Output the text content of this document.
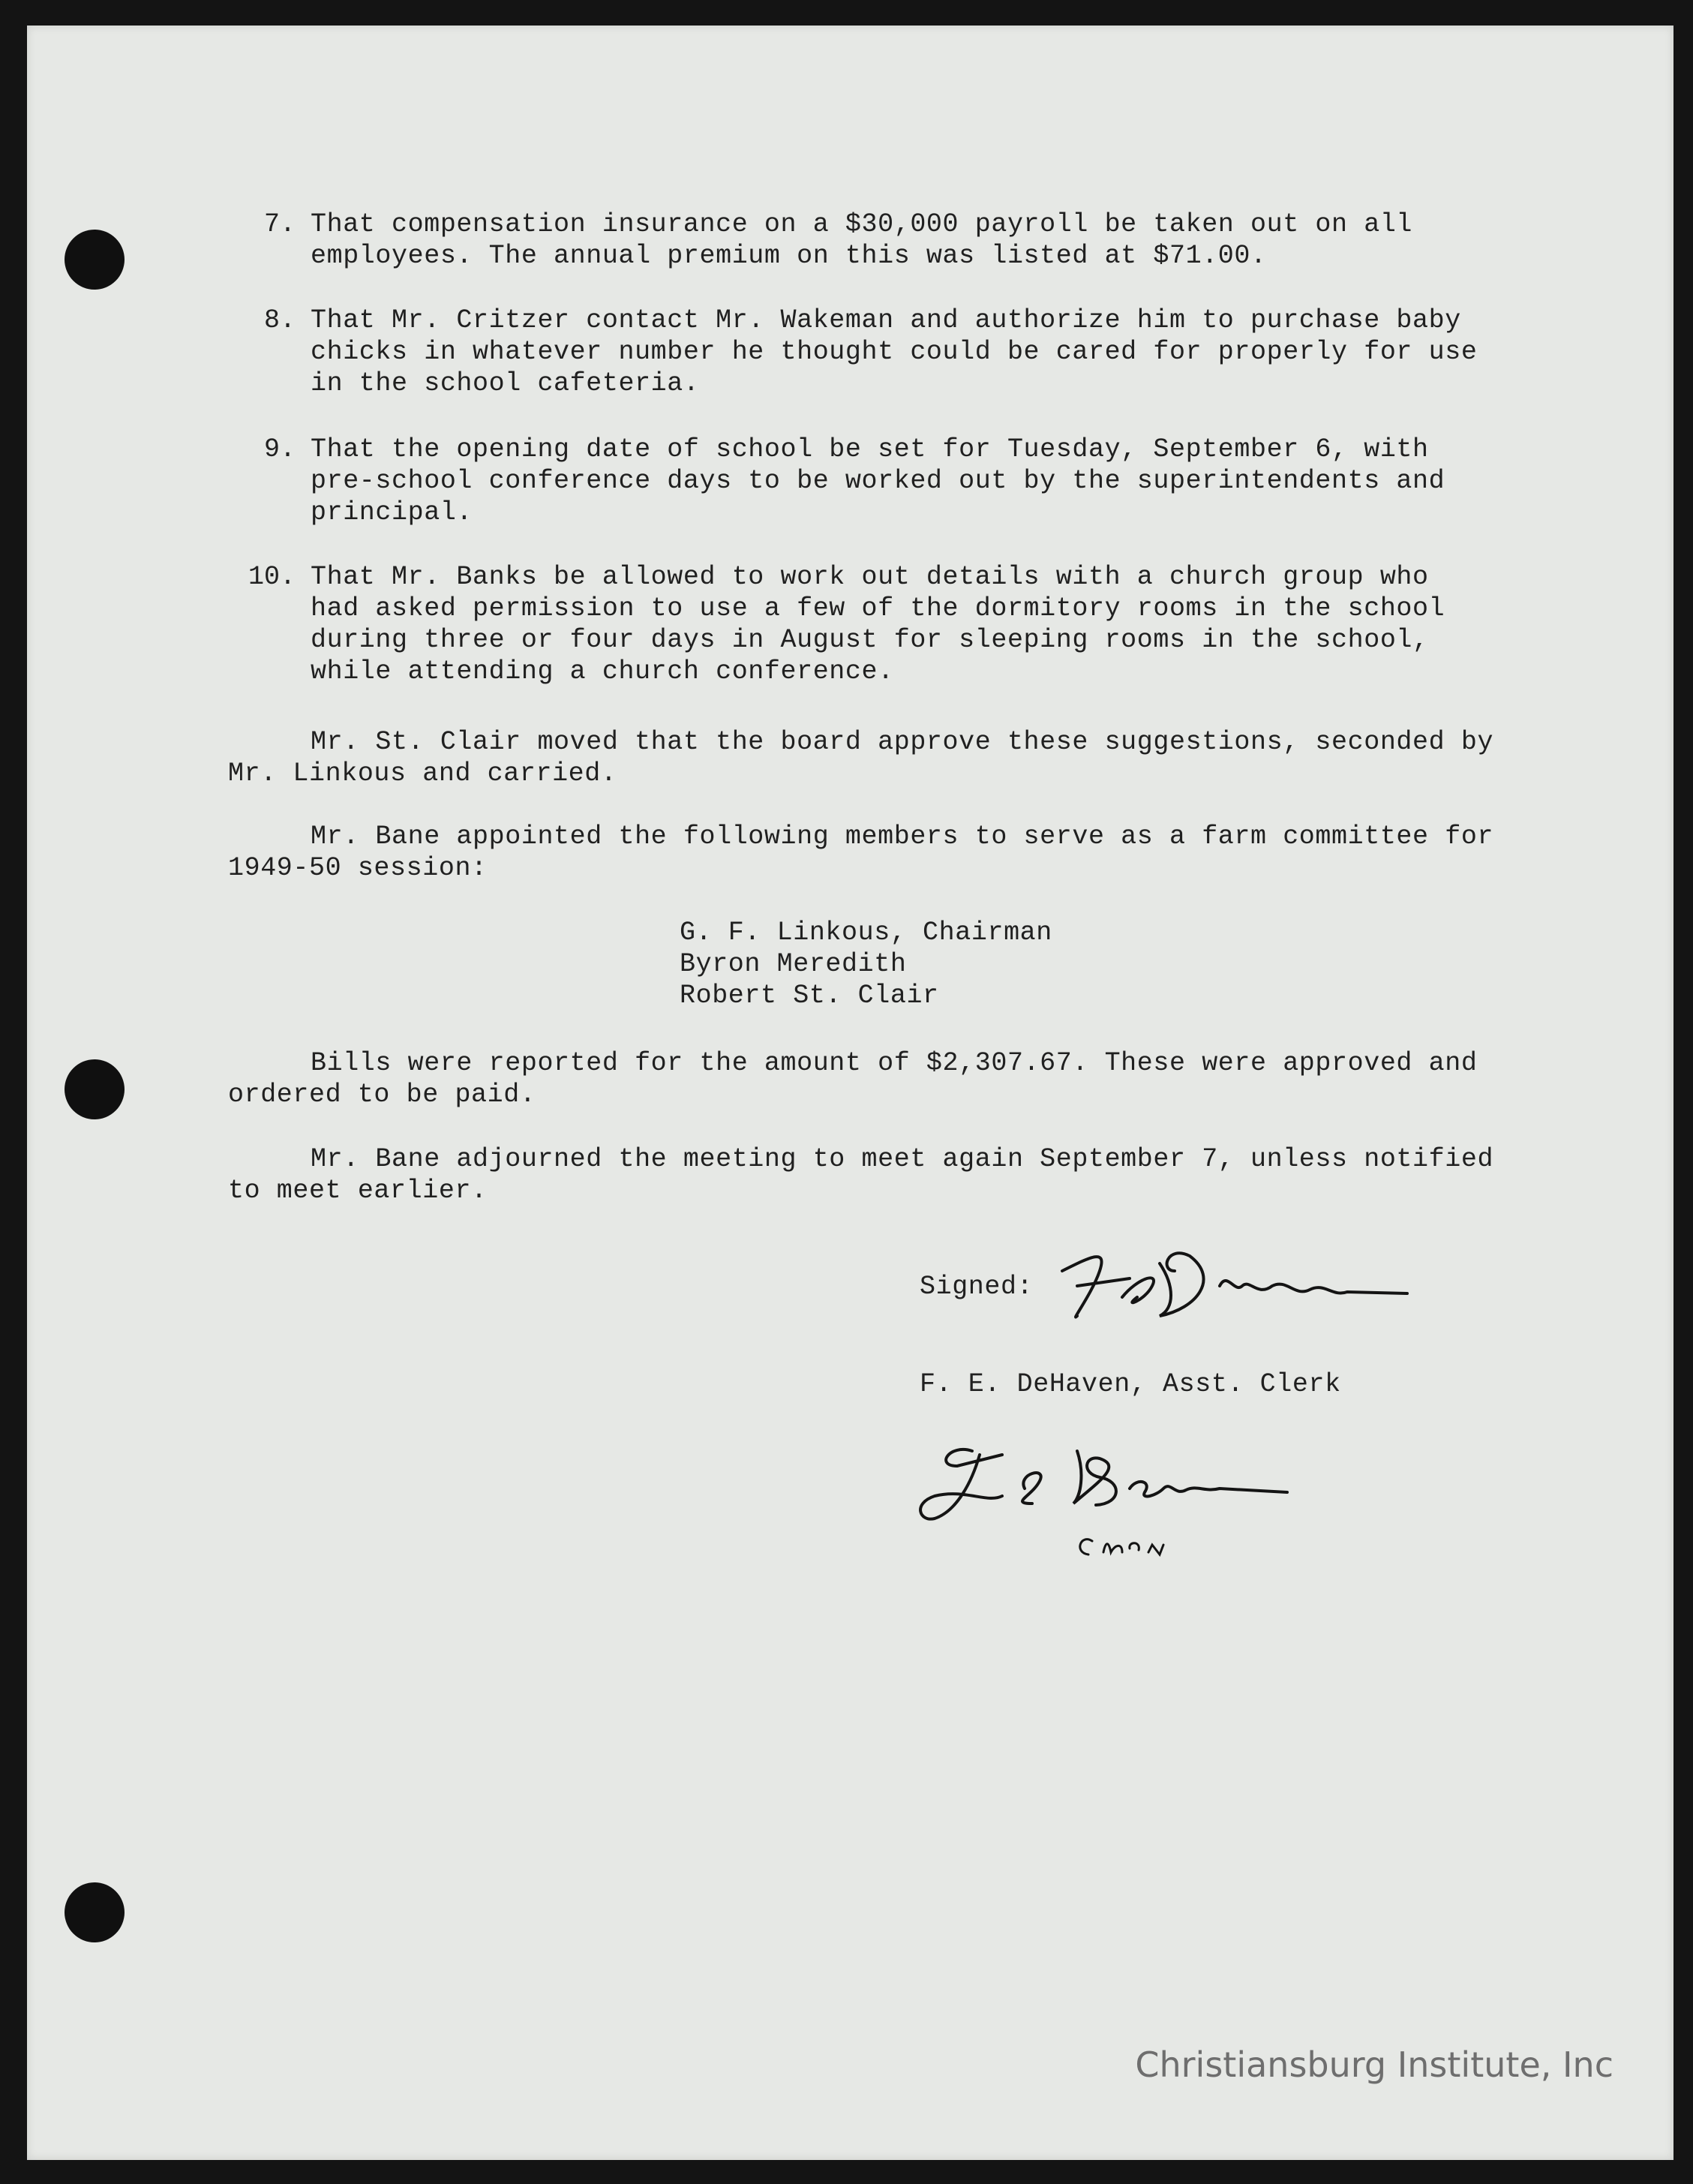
7. That compensation insurance on a $30,000 payroll be taken out on all employees. The annual premium on this was listed at $71.00.
8. That Mr. Critzer contact Mr. Wakeman and authorize him to purchase baby chicks in whatever number he thought could be cared for properly for use in the school cafeteria.
9. That the opening date of school be set for Tuesday, September 6, with pre-school conference days to be worked out by the superintendents and principal.
10. That Mr. Banks be allowed to work out details with a church group who had asked permission to use a few of the dormitory rooms in the school during three or four days in August for sleeping rooms in the school, while attending a church conference.
Mr. St. Clair moved that the board approve these suggestions, seconded by Mr. Linkous and carried.
Mr. Bane appointed the following members to serve as a farm committee for 1949-50 session:
G. F. Linkous, Chairman
Byron Meredith
Robert St. Clair
Bills were reported for the amount of $2,307.67. These were approved and ordered to be paid.
Mr. Bane adjourned the meeting to meet again September 7, unless notified to meet earlier.
Signed:
F. E. DeHaven, Asst. Clerk
Christiansburg Institute, Inc
